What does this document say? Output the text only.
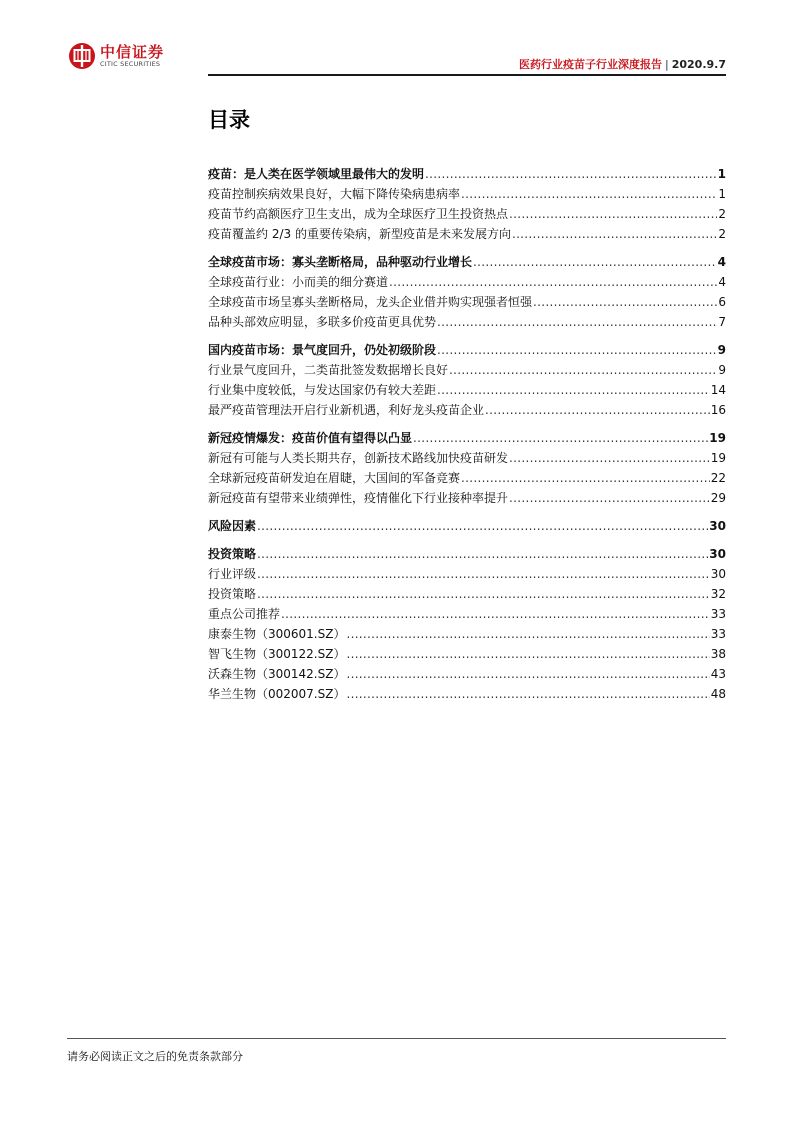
中信证券
CITIC SECURITIES	医药行业疫苗子行业深度报告 | 2020.9.7
目录
疫苗：是人类在医学领域里最伟大的发明 .....	1
疫苗控制疾病效果良好，大幅下降传染病患病率 .....	1
疫苗节约高额医疗卫生支出，成为全球医疗卫生投资热点 .....	2
疫苗覆盖约 2/3 的重要传染病，新型疫苗是未来发展方向 .....	2
全球疫苗市场：寡头垄断格局，品种驱动行业增长 .....	4
全球疫苗行业：小而美的细分赛道 .....	4
全球疫苗市场呈寡头垄断格局，龙头企业借并购实现强者恒强 .....	6
品种头部效应明显，多联多价疫苗更具优势 .....	7
国内疫苗市场：景气度回升，仍处初级阶段 .....	9
行业景气度回升，二类苗批签发数据增长良好 .....	9
行业集中度较低，与发达国家仍有较大差距 .....	14
最严疫苗管理法开启行业新机遇，利好龙头疫苗企业 .....	16
新冠疫情爆发：疫苗价值有望得以凸显 .....	19
新冠有可能与人类长期共存，创新技术路线加快疫苗研发 .....	19
全球新冠疫苗研发迫在眉睫，大国间的军备竞赛 .....	22
新冠疫苗有望带来业绩弹性，疫情催化下行业接种率提升 .....	29
风险因素 .....	30
投资策略 .....	30
行业评级 .....	30
投资策略 .....	32
重点公司推荐 .....	33
康泰生物（300601.SZ） .....	33
智飞生物（300122.SZ） .....	38
沃森生物（300142.SZ） .....	43
华兰生物（002007.SZ） .....	48
请务必阅读正文之后的免责条款部分
